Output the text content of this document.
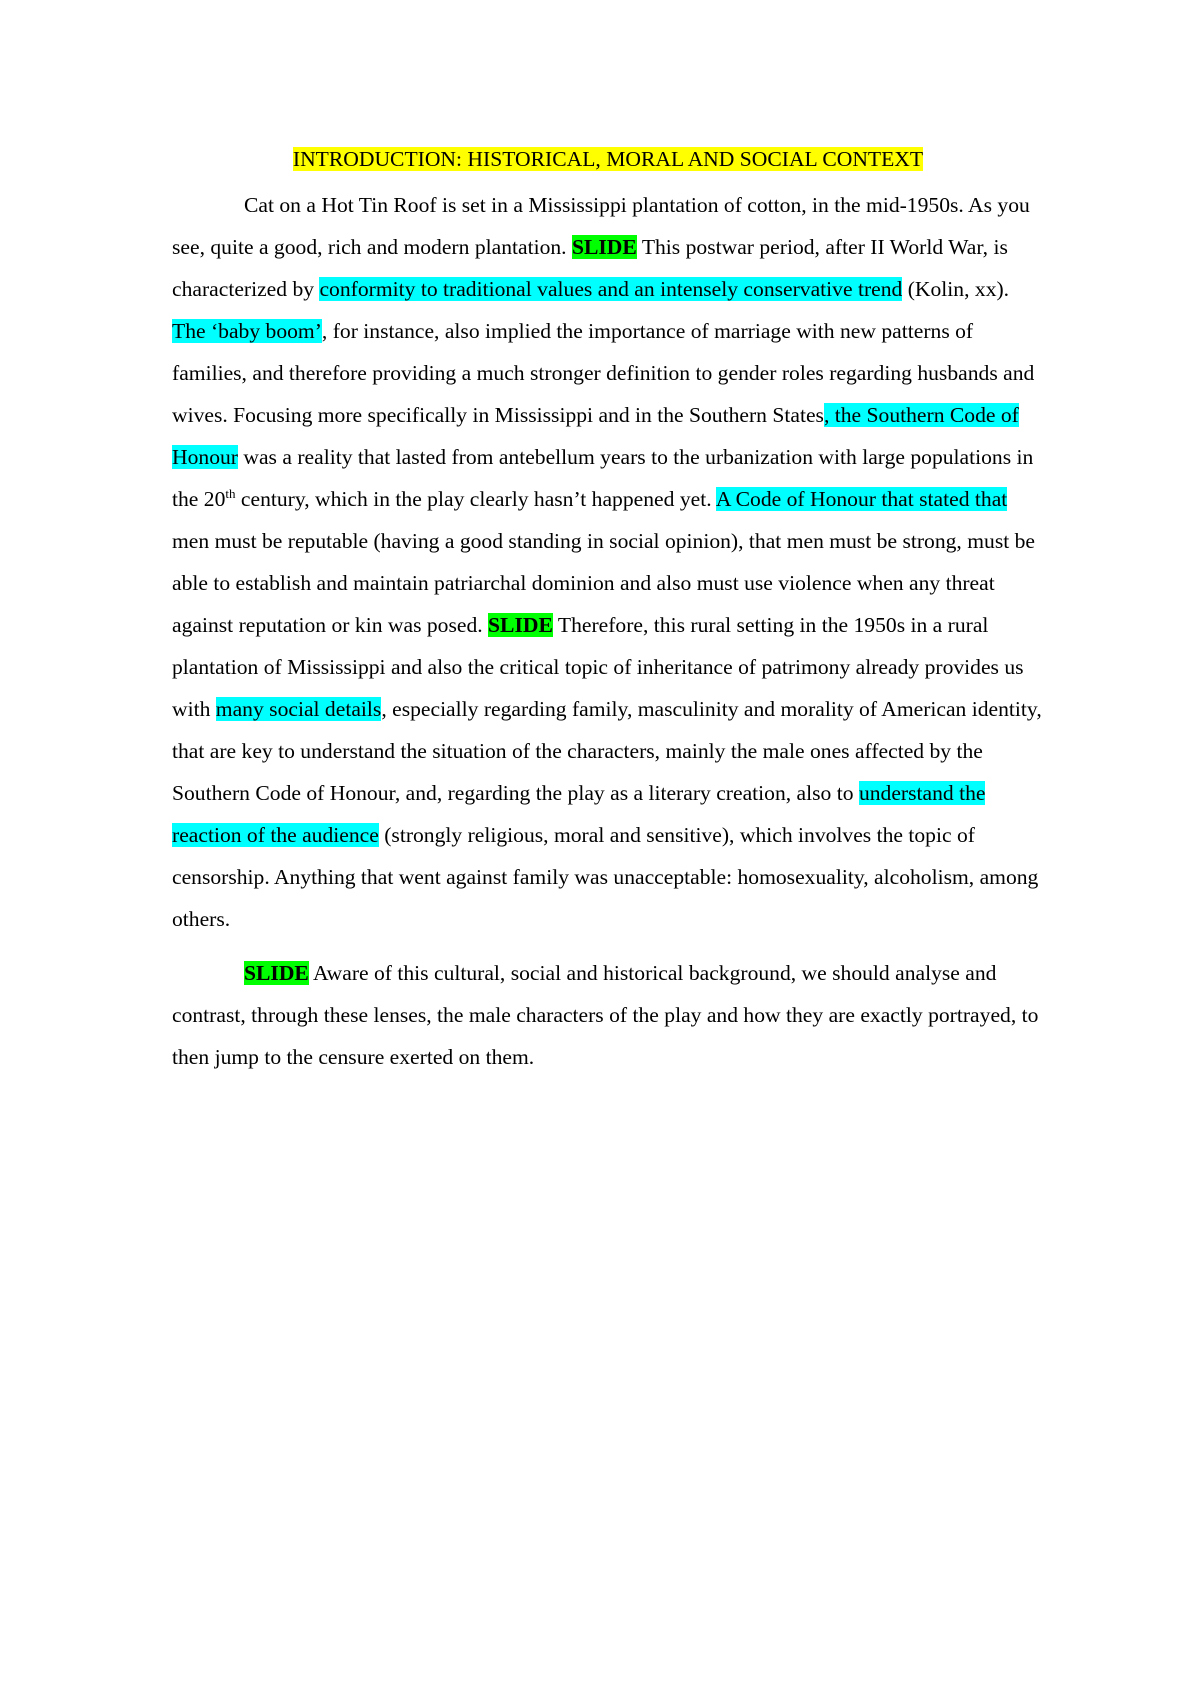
INTRODUCTION: HISTORICAL, MORAL AND SOCIAL CONTEXT

Cat on a Hot Tin Roof is set in a Mississippi plantation of cotton, in the mid-1950s. As you see, quite a good, rich and modern plantation. SLIDE This postwar period, after II World War, is characterized by conformity to traditional values and an intensely conservative trend (Kolin, xx). The ‘baby boom’, for instance, also implied the importance of marriage with new patterns of families, and therefore providing a much stronger definition to gender roles regarding husbands and wives. Focusing more specifically in Mississippi and in the Southern States, the Southern Code of Honour was a reality that lasted from antebellum years to the urbanization with large populations in the 20th century, which in the play clearly hasn’t happened yet. A Code of Honour that stated that men must be reputable (having a good standing in social opinion), that men must be strong, must be able to establish and maintain patriarchal dominion and also must use violence when any threat against reputation or kin was posed. SLIDE Therefore, this rural setting in the 1950s in a rural plantation of Mississippi and also the critical topic of inheritance of patrimony already provides us with many social details, especially regarding family, masculinity and morality of American identity, that are key to understand the situation of the characters, mainly the male ones affected by the Southern Code of Honour, and, regarding the play as a literary creation, also to understand the reaction of the audience (strongly religious, moral and sensitive), which involves the topic of censorship. Anything that went against family was unacceptable: homosexuality, alcoholism, among others.

SLIDE Aware of this cultural, social and historical background, we should analyse and contrast, through these lenses, the male characters of the play and how they are exactly portrayed, to then jump to the censure exerted on them.
